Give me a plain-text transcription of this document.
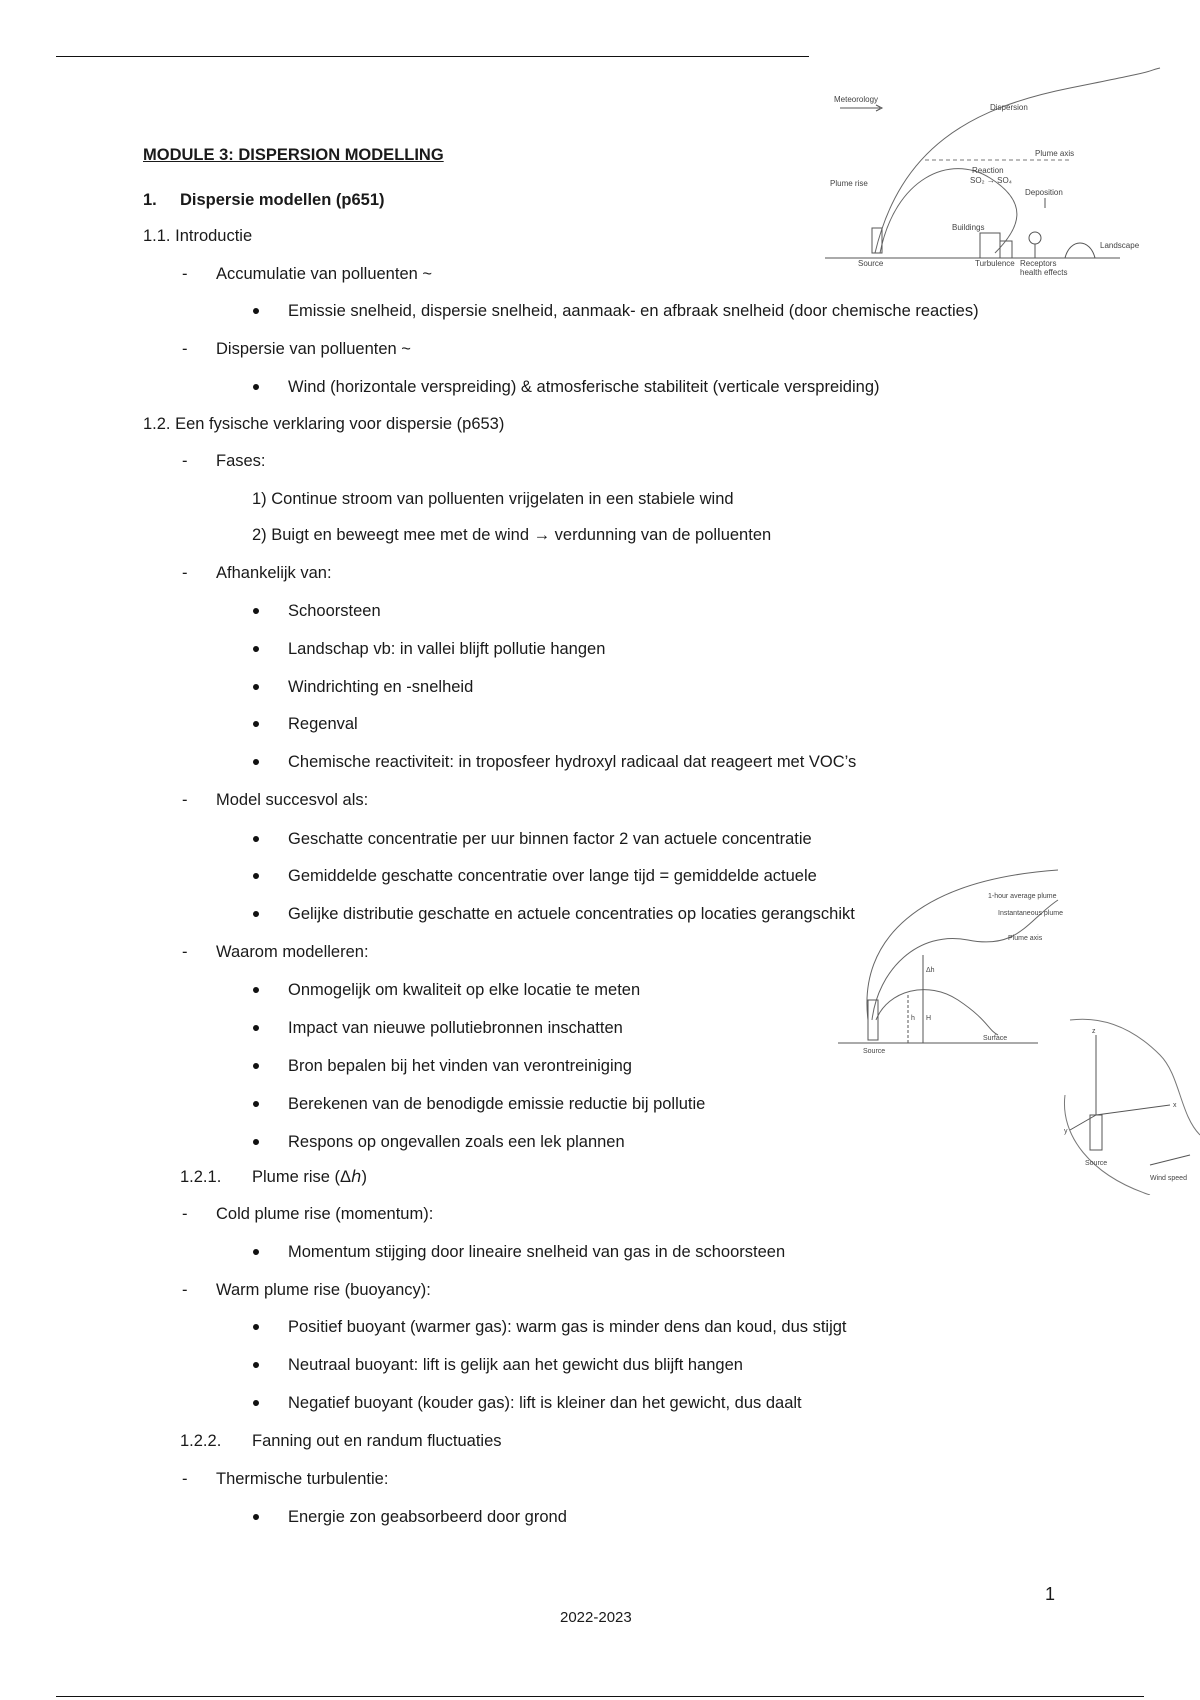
Meteorology
Dispersion
Plume axis
Plume rise
Reaction
SO₂ → SO₄
Deposition
Buildings
Landscape
Source	Turbulence Receptors
health effects
1-hour average plume
Instantaneous plume
Plume axis
Δh
h H
Surface
Source
z
y
x
Source
Wind speed
MODULE 3: DISPERSION MODELLING
1. Dispersie modellen (p651)
1.1. Introductie
- Accumulatie van polluenten ~
Emissie snelheid, dispersie snelheid, aanmaak- en afbraak snelheid (door chemische reacties)
- Dispersie van polluenten ~
Wind (horizontale verspreiding) & atmosferische stabiliteit (verticale verspreiding)
1.2. Een fysische verklaring voor dispersie (p653)
- Fases:
1) Continue stroom van polluenten vrijgelaten in een stabiele wind
2) Buigt en beweegt mee met de wind → verdunning van de polluenten
- Afhankelijk van:
Schoorsteen
Landschap vb: in vallei blijft pollutie hangen
Windrichting en -snelheid
Regenval
Chemische reactiviteit: in troposfeer hydroxyl radicaal dat reageert met VOC’s
- Model succesvol als:
Geschatte concentratie per uur binnen factor 2 van actuele concentratie
Gemiddelde geschatte concentratie over lange tijd = gemiddelde actuele
Gelijke distributie geschatte en actuele concentraties op locaties gerangschikt
- Waarom modelleren:
Onmogelijk om kwaliteit op elke locatie te meten
Impact van nieuwe pollutiebronnen inschatten
Bron bepalen bij het vinden van verontreiniging
Berekenen van de benodigde emissie reductie bij pollutie
Respons op ongevallen zoals een lek plannen
1.2.1. Plume rise (Δℎ)
- Cold plume rise (momentum):
Momentum stijging door lineaire snelheid van gas in de schoorsteen
- Warm plume rise (buoyancy):
Positief buoyant (warmer gas): warm gas is minder dens dan koud, dus stijgt
Neutraal buoyant: lift is gelijk aan het gewicht dus blijft hangen
Negatief buoyant (kouder gas): lift is kleiner dan het gewicht, dus daalt
1.2.2. Fanning out en randum fluctuaties
- Thermische turbulentie:
Energie zon geabsorbeerd door grond
1
2022-2023
